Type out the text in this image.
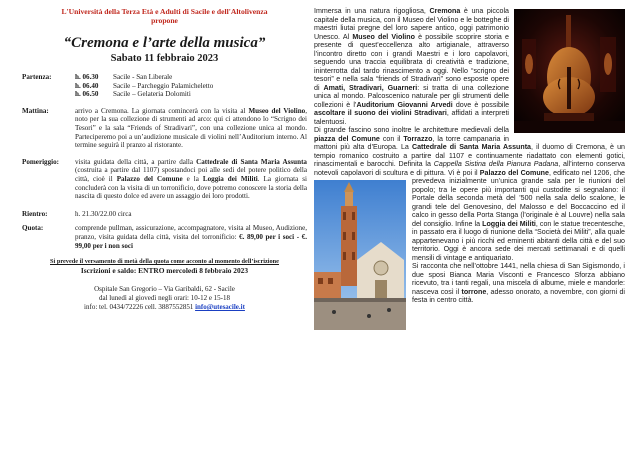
L'Università della Terza Età e Adulti di Sacile e dell'Altolivenza
propone
“Cremona e l’arte della musica”
Sabato 11 febbraio 2023
Partenza:	h. 06.30	Sacile - San Liberale
h. 06.40	Sacile – Parcheggio Palamicheletto
h. 06.50	Sacile – Gelateria Dolomiti
Mattina:	arrivo a Cremona. La giornata comincerà con la visita al Museo del Violino, noto per la sua collezione di strumenti ad arco: qui ci attendono lo “Scrigno dei Tesori” e la sala “Friends of Stradivari”, con una collezione unica al mondo. Parteciperemo poi a un’audizione musicale di violini nell’Auditorium interno. Al termine seguirà il pranzo al ristorante.
Pomeriggio:	visita guidata della città, a partire dalla Cattedrale di Santa Maria Assunta (costruita a partire dal 1107) spostandoci poi alle sedi del potere politico della città, cioè il Palazzo del Comune e la Loggia dei Militi. La giornata si concluderà con la visita di un torronificio, dove potremo conoscere la storia della nascita di questo dolce ed avere un assaggio dei loro prodotti.
Rientro:	h. 21.30/22.00 circa
Quota:	comprende pullman, assicurazione, accompagnatore, visita al Museo, Audizione, pranzo, visita guidata della città, visita del torronificio: €. 89,00 per i soci - €. 99,00 per i non soci
Si prevede il versamento di metà della quota come acconto al momento dell’iscrizione
Iscrizioni e saldo: ENTRO mercoledì 8 febbraio 2023
Ospitale San Gregorio – Via Garibaldi, 62 - Sacile
dal lunedì al giovedì negli orari: 10-12 e 15-18
info: tel. 0434/72226 cell. 3887552851 info@utesacile.it

Immersa in una natura rigogliosa, Cremona è una piccola capitale della musica, con il Museo del Violino e le botteghe di maestri liutai pregne del loro sapere antico, oggi patrimonio Unesco. Al Museo del Violino è possibile scoprire storia e presente di quest’eccellenza alto artigianale, attraverso l’incontro diretto con i grandi Maestri e i loro capolavori, seguendo una traccia equilibrata di creatività e tradizione, ininterrotta dal tardo rinascimento a oggi. Nello “scrigno dei tesori” e nella sala “friends of Stradivari” sono esposte opere di Amati, Stradivari, Guarneri: si tratta di una collezione unica al mondo. Palcoscenico naturale per gli strumenti delle collezioni è l’Auditorium Giovanni Arvedi dove è possibile ascoltare il suono dei violini Stradivari, affidati a interpreti talentuosi.

Di grande fascino sono inoltre le architetture medievali della piazza del Comune con il Torrazzo, la torre campanaria in mattoni più alta d’Europa. La Cattedrale di Santa Maria Assunta, il duomo di Cremona, è un tempio romanico costruito a partire dal 1107 e continuamente riadattato con elementi gotici, rinascimentali e barocchi. Definita la Cappella Sistina della Pianura Padana, all’interno conserva notevoli capolavori di scultura e di pittura. Vi è poi il Palazzo del Comune
, edificato nel 1206, che prevedeva inizialmente un’unica grande sala per le riunioni del popolo; tra le opere più importanti qui custodite si segnalano: il Portale della seconda metà del ’500 nella sala dello scalone, le grandi tele del Genovesino, del Malosso e del Boccaccino ed il calco in gesso della Porta Stanga (l’originale è al Louvre) nella sala del consiglio. Infine la Loggia dei Militi, con le statue trecentesche, in passato era il luogo di riunione della “Società dei Militi”, alla quale appartenevano i più ricchi ed eminenti abitanti della città e del suo territorio. Oggi è ancora sede dei mercati settimanali e di quelli mensili di vintage e antiquariato.

Si racconta che nell’ottobre 1441, nella chiesa di San Sigismondo, i due sposi Bianca Maria Visconti e Francesco Sforza abbiano ricevuto, tra i tanti regali, una miscela di albume, miele e mandorle: nasceva così il torrone, adesso onorato, a novembre, con giorni di festa in centro città.
